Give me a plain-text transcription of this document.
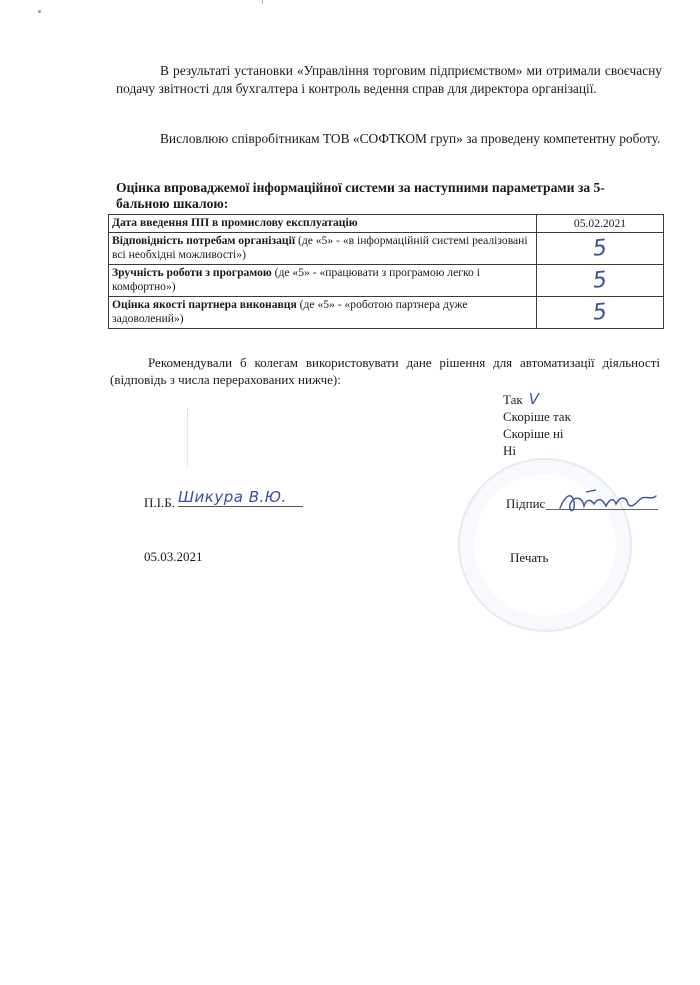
В результаті установки «Управління торговим підприємством» ми отримали своєчасну подачу звітності для бухгалтера і контроль ведення справ для директора організації.
Висловлюю співробітникам ТОВ «СОФТКОМ груп» за проведену компетентну роботу.
Оцінка впроваджемої інформаційної системи за наступними параметрами за 5-бальною шкалою:
Дата введення ПП в промислову експлуатацію	05.02.2021
Відповідність потребам організації (де «5» - «в інформаційній системі реалізовані всі необхідні можливості»)	5
Зручність роботи з програмою (де «5» - «працювати з програмою легко і комфортно»)	5
Оцінка якості партнера виконавця (де «5» - «роботою партнера дуже задоволений»)	5
Рекомендували б колегам використовувати дане рішення для автоматизації діяльності (відповідь з числа перерахованих нижче):
Так V
Скоріше так
Скоріше ні
Ні
П.І.Б. Шикура В.Ю.	Підпис
05.03.2021	Печать
